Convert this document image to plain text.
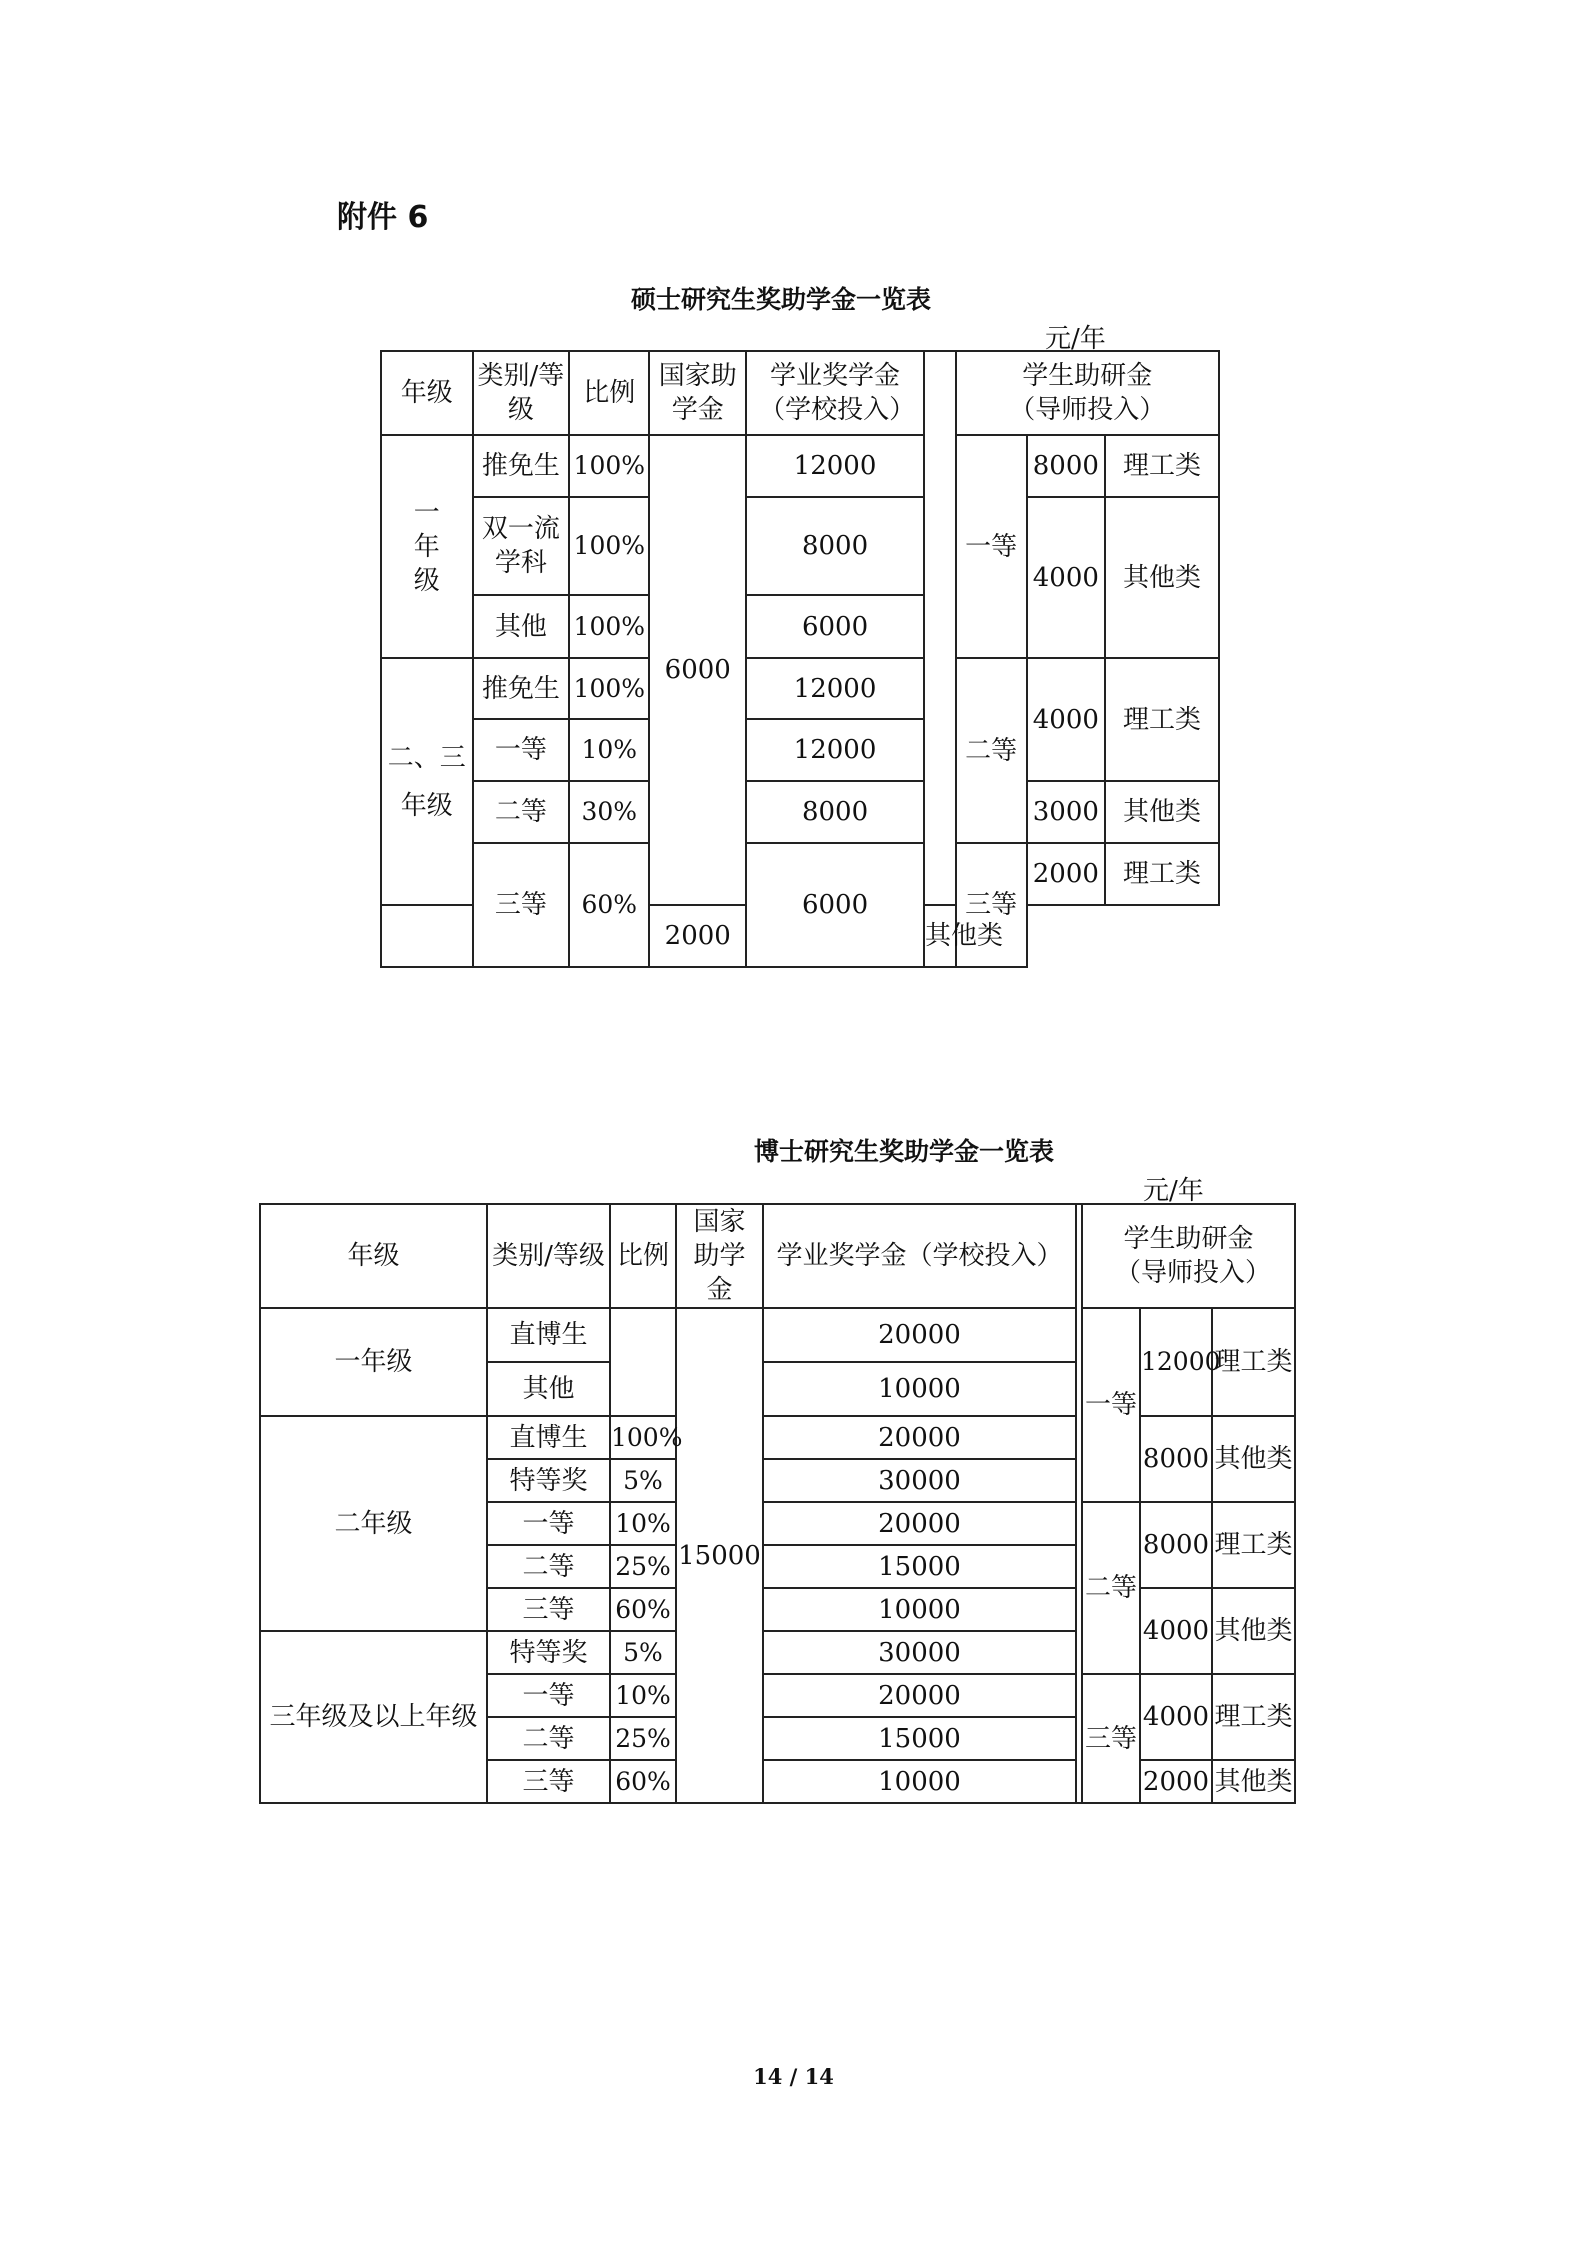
附件 6
硕士研究生奖助学金一览表
元/年
年级	类别/等级	比例	国家助学金	学业奖学金（学校投入）		学生助研金（导师投入）		
一年级	推免生	100%	6000	12000		一等	8000	理工类
	双一流学科	100%		8000			4000	其他类
	其他	100%		6000				
二、三年级	推免生	100%		12000		二等	4000	理工类
	一等	10%		12000				
	二等	30%		8000			3000	其他类
	三等	60%		6000		三等	2000	理工类
			2000		其他类			
博士研究生奖助学金一览表
元/年
年级	类别/等级	比例	国家助学金	学业奖学金（学校投入）		学生助研金（导师投入）		
一年级	直博生		15000	20000		一等	12000	理工类
	其他			10000				
二年级	直博生	100%		20000			8000	其他类
	特等奖	5%		30000				
	一等	10%		20000		二等	8000	理工类
	二等	25%		15000				
	三等	60%		10000			4000	其他类
三年级及以上年级	特等奖	5%		30000				
	一等	10%		20000		三等	4000	理工类
	二等	25%		15000				
	三等	60%		10000			2000	其他类
14 / 14
